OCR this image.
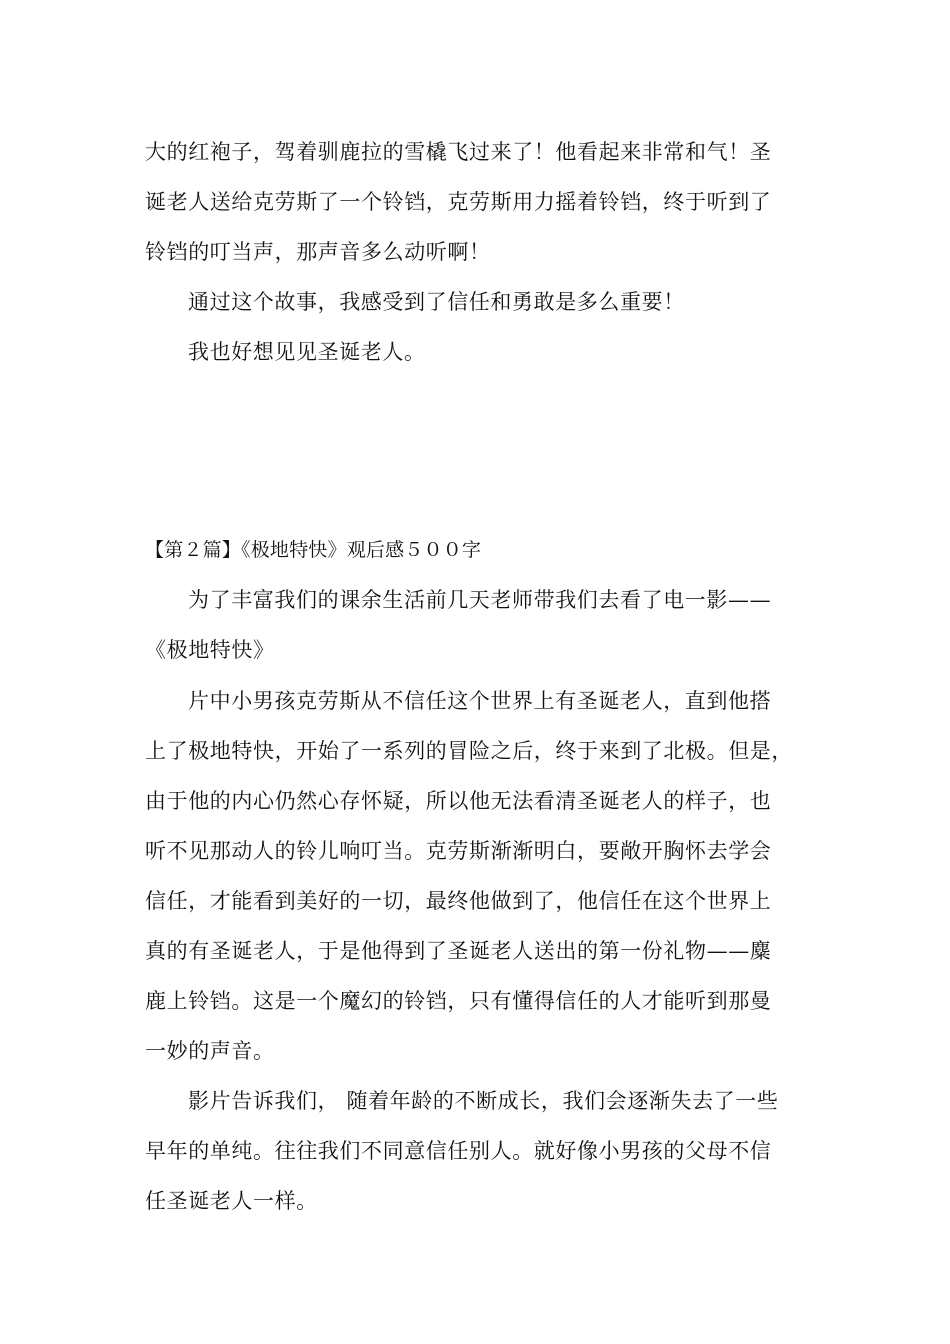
大的红袍子，驾着驯鹿拉的雪橇飞过来了！他看起来非常和气！圣
诞老人送给克劳斯了一个铃铛，克劳斯用力摇着铃铛，终于听到了
铃铛的叮当声，那声音多么动听啊！
通过这个故事，我感受到了信任和勇敢是多么重要！
我也好想见见圣诞老人。
【第２篇】《极地特快》观后感５００字
为了丰富我们的课余生活前几天老师带我们去看了电一影——
《极地特快》
片中小男孩克劳斯从不信任这个世界上有圣诞老人，直到他搭
上了极地特快，开始了一系列的冒险之后，终于来到了北极。但是，
由于他的内心仍然心存怀疑，所以他无法看清圣诞老人的样子，也
听不见那动人的铃儿响叮当。克劳斯渐渐明白，要敞开胸怀去学会
信任，才能看到美好的一切，最终他做到了，他信任在这个世界上
真的有圣诞老人，于是他得到了圣诞老人送出的第一份礼物——麋
鹿上铃铛。这是一个魔幻的铃铛，只有懂得信任的人才能听到那曼
一妙的声音。
影片告诉我们， 随着年龄的不断成长，我们会逐渐失去了一些
早年的单纯。往往我们不同意信任别人。就好像小男孩的父母不信
任圣诞老人一样。
